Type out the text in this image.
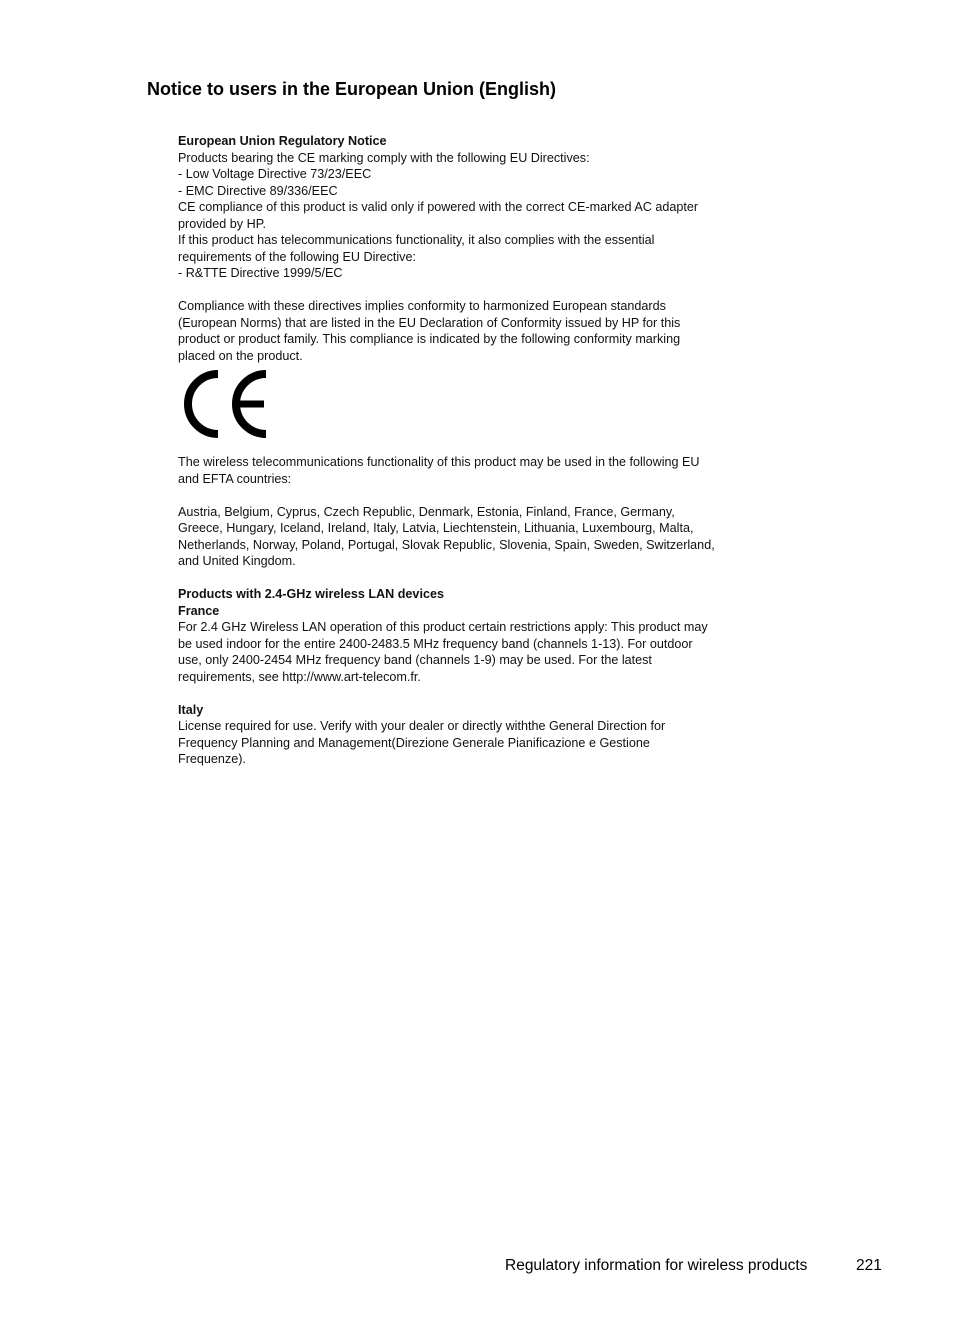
Notice to users in the European Union (English)
European Union Regulatory Notice
Products bearing the CE marking comply with the following EU Directives:
- Low Voltage Directive 73/23/EEC
- EMC Directive 89/336/EEC
CE compliance of this product is valid only if powered with the correct CE-marked AC adapter
provided by HP.
If this product has telecommunications functionality, it also complies with the essential
requirements of the following EU Directive:
- R&TTE Directive 1999/5/EC
Compliance with these directives implies conformity to harmonized European standards
(European Norms) that are listed in the EU Declaration of Conformity issued by HP for this
product or product family. This compliance is indicated by the following conformity marking
placed on the product.
The wireless telecommunications functionality of this product may be used in the following EU
and EFTA countries:
Austria, Belgium, Cyprus, Czech Republic, Denmark, Estonia, Finland, France, Germany,
Greece, Hungary, Iceland, Ireland, Italy, Latvia, Liechtenstein, Lithuania, Luxembourg, Malta,
Netherlands, Norway, Poland, Portugal, Slovak Republic, Slovenia, Spain, Sweden, Switzerland,
and United Kingdom.
Products with 2.4-GHz wireless LAN devices
France
For 2.4 GHz Wireless LAN operation of this product certain restrictions apply: This product may
be used indoor for the entire 2400-2483.5 MHz frequency band (channels 1-13). For outdoor
use, only 2400-2454 MHz frequency band (channels 1-9) may be used. For the latest
requirements, see http://www.art-telecom.fr.
Italy
License required for use. Verify with your dealer or directly withthe General Direction for
Frequency Planning and Management(Direzione Generale Pianificazione e Gestione
Frequenze).
Regulatory information for wireless products	221
